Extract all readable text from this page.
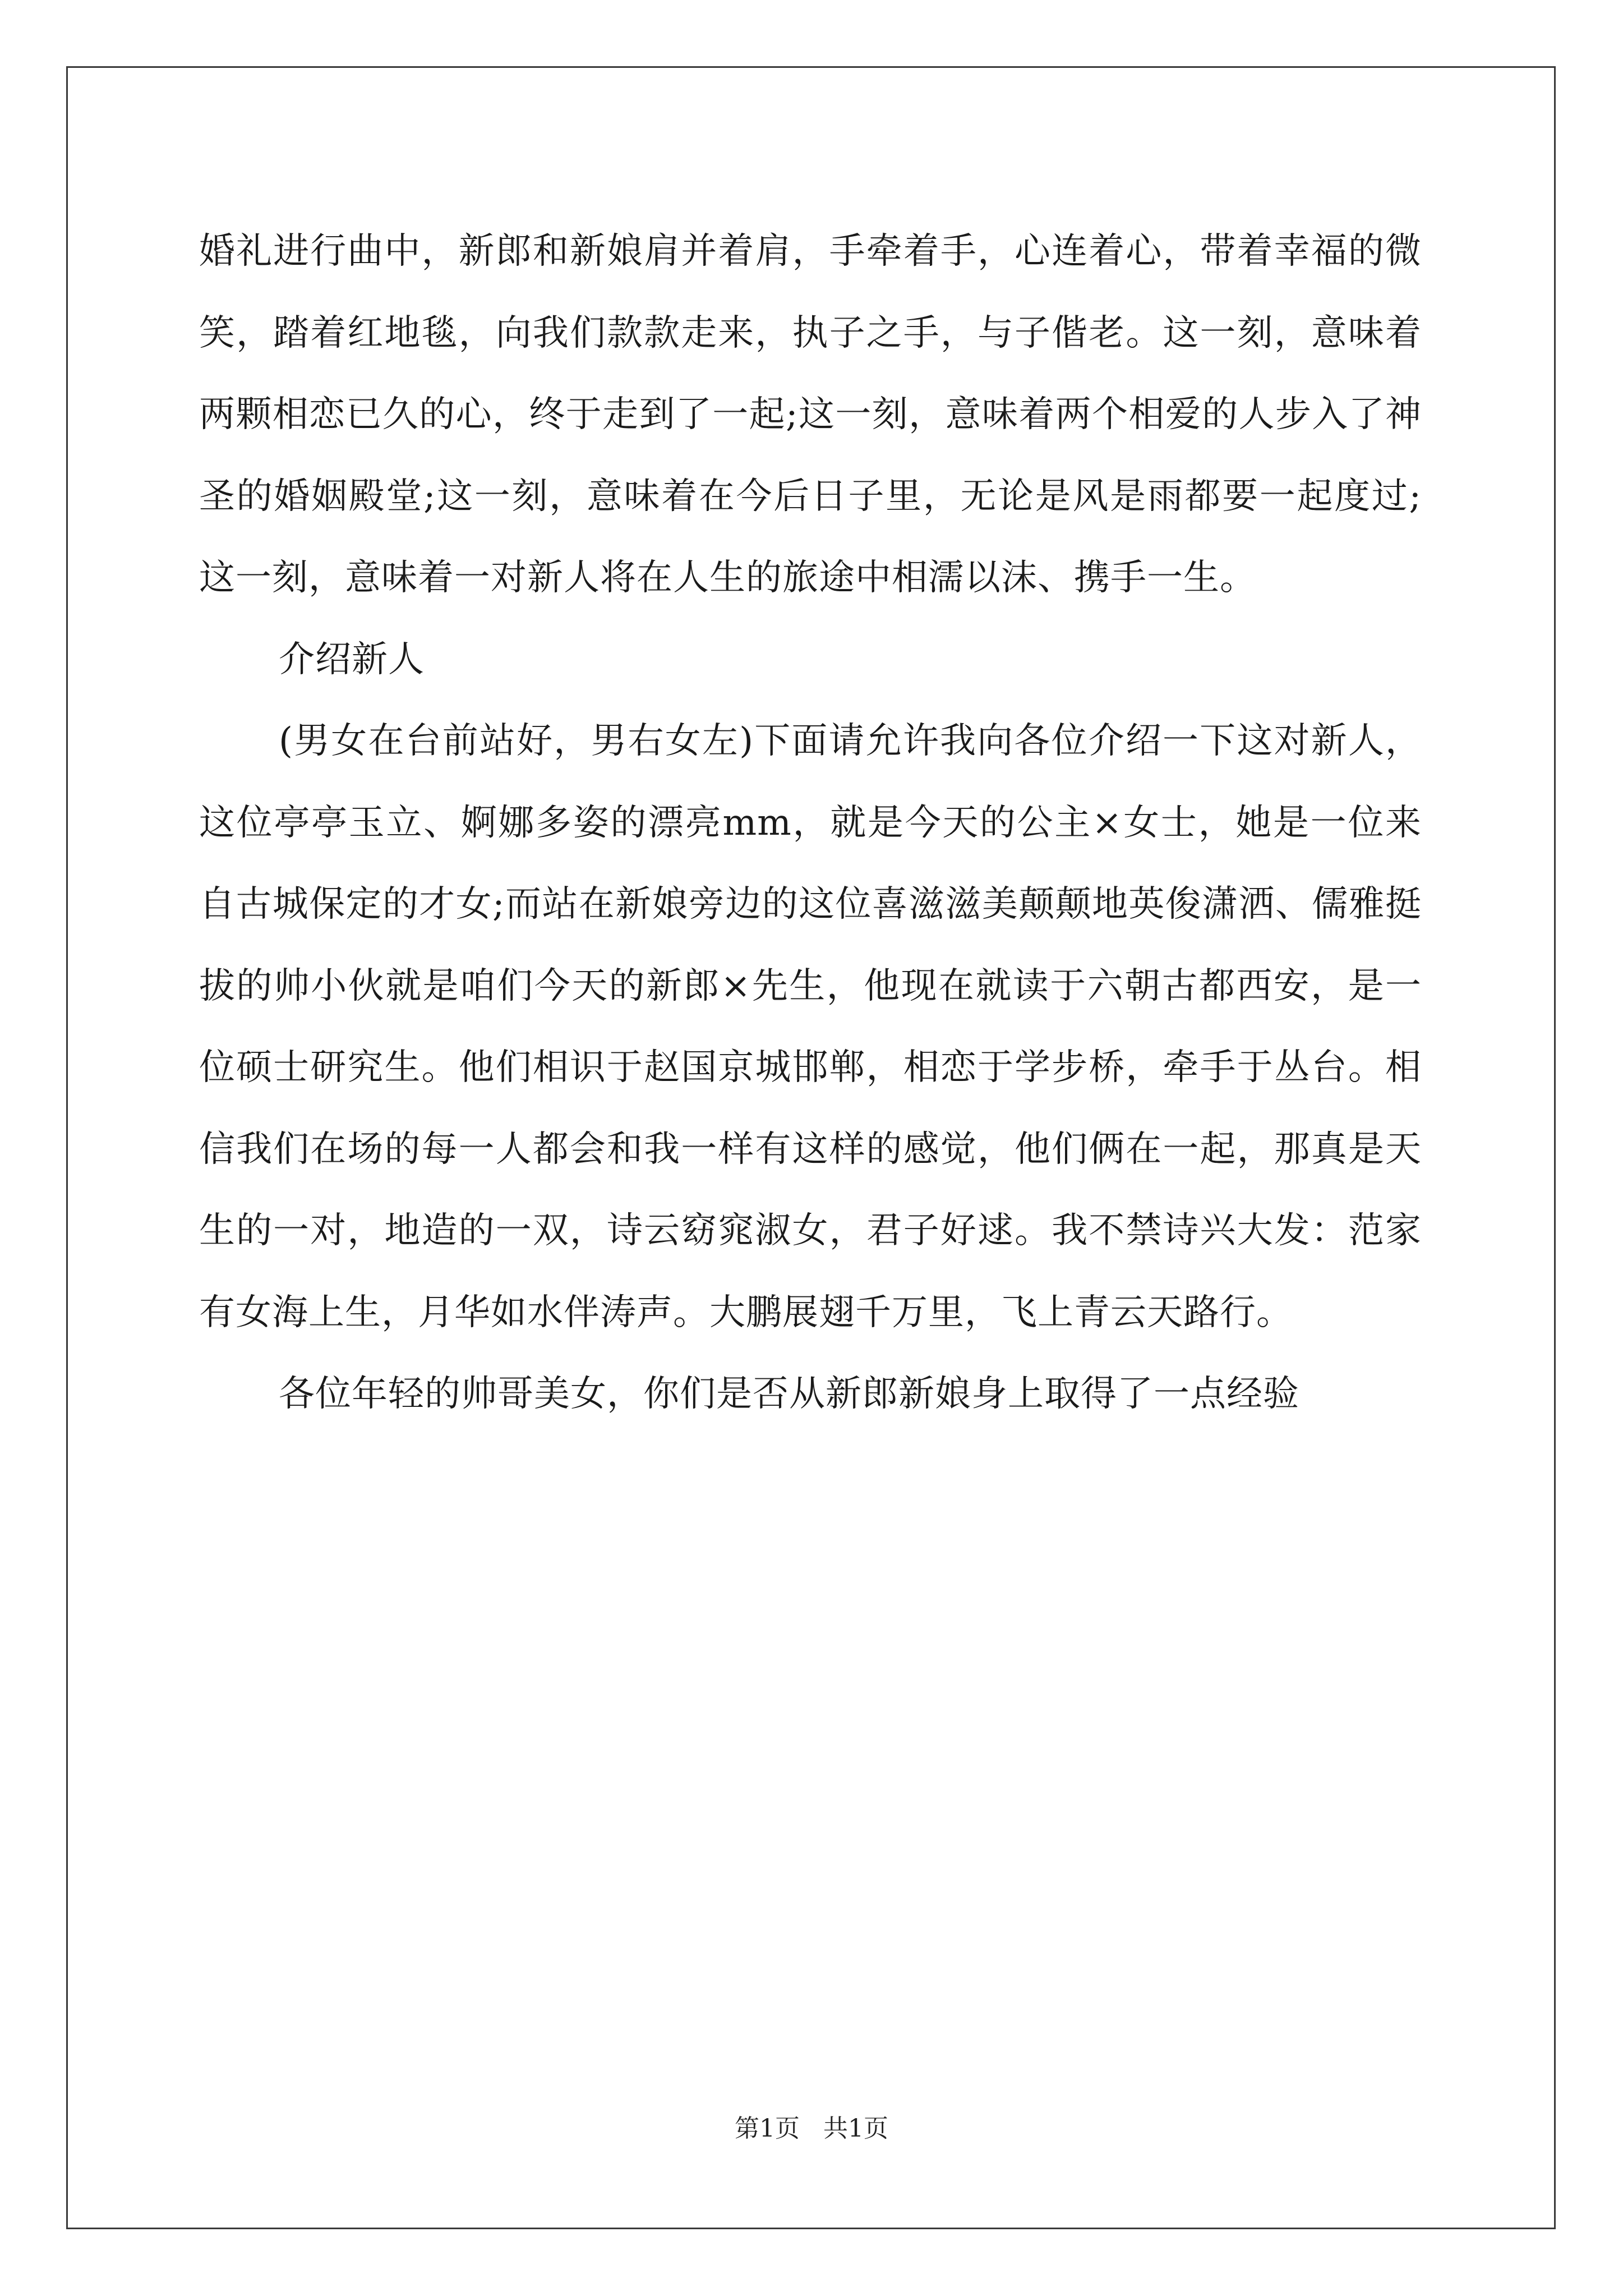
婚礼进行曲中，新郎和新娘肩并着肩，手牵着手，心连着心，带着幸福的微笑，踏着红地毯，向我们款款走来，执子之手，与子偕老。这一刻，意味着两颗相恋已久的心，终于走到了一起;这一刻，意味着两个相爱的人步入了神圣的婚姻殿堂;这一刻，意味着在今后日子里，无论是风是雨都要一起度过;这一刻，意味着一对新人将在人生的旅途中相濡以沫、携手一生。

介绍新人

(男女在台前站好，男右女左)下面请允许我向各位介绍一下这对新人，这位亭亭玉立、婀娜多姿的漂亮mm，就是今天的公主×女士，她是一位来自古城保定的才女;而站在新娘旁边的这位喜滋滋美颠颠地英俊潇洒、儒雅挺拔的帅小伙就是咱们今天的新郎×先生，他现在就读于六朝古都西安，是一位硕士研究生。他们相识于赵国京城邯郸，相恋于学步桥，牵手于丛台。相信我们在场的每一人都会和我一样有这样的感觉，他们俩在一起，那真是天生的一对，地造的一双，诗云窈窕淑女，君子好逑。我不禁诗兴大发：范家有女海上生，月华如水伴涛声。大鹏展翅千万里，飞上青云天路行。

各位年轻的帅哥美女，你们是否从新郎新娘身上取得了一点经验

第1页 共1页
